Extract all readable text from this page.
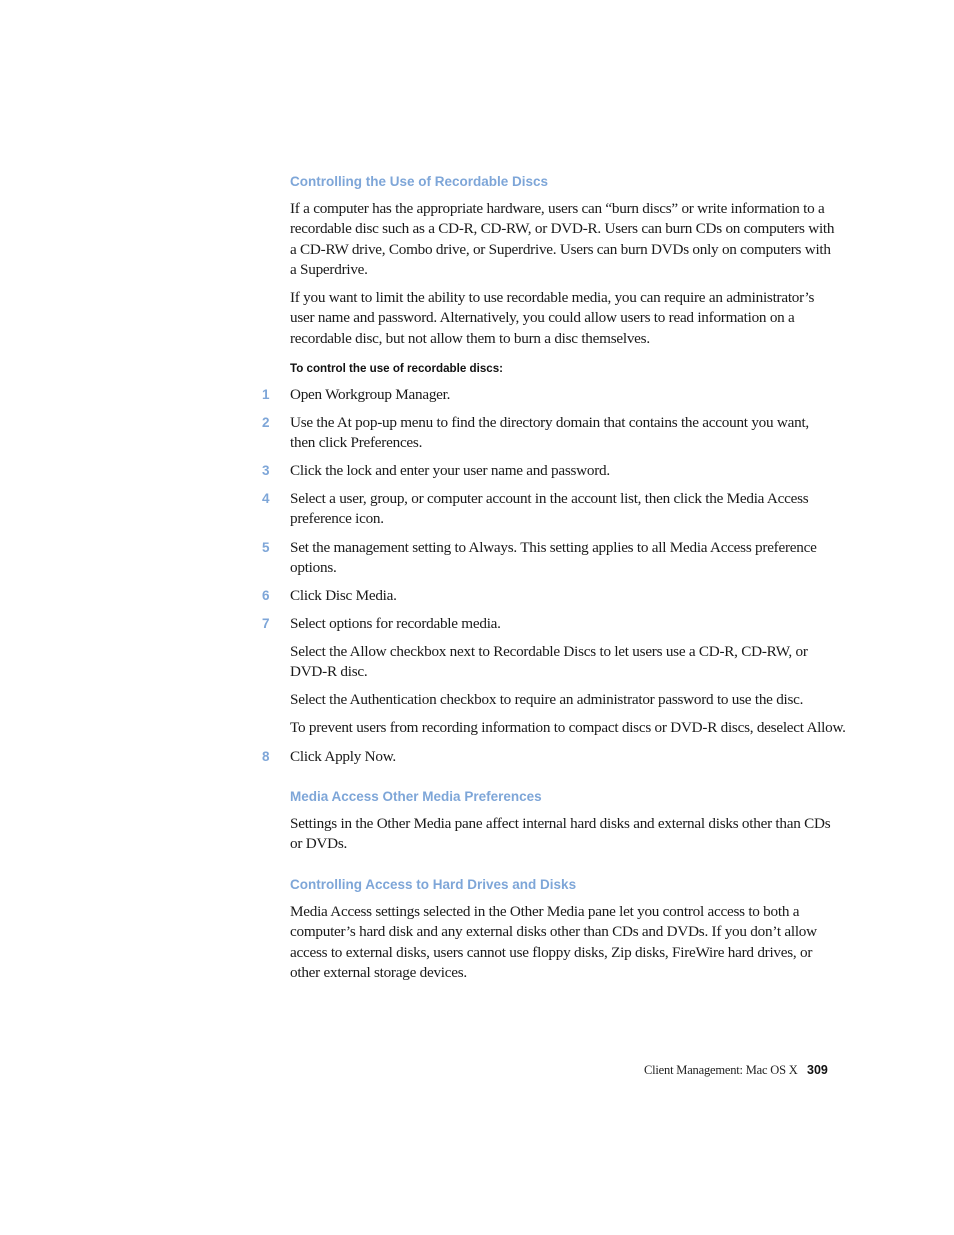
Controlling the Use of Recordable Discs

If a computer has the appropriate hardware, users can “burn discs” or write information to a recordable disc such as a CD-R, CD-RW, or DVD-R. Users can burn CDs on computers with a CD-RW drive, Combo drive, or Superdrive. Users can burn DVDs only on computers with a Superdrive.

If you want to limit the ability to use recordable media, you can require an administrator’s user name and password. Alternatively, you could allow users to read information on a recordable disc, but not allow them to burn a disc themselves.

To control the use of recordable discs:
1 Open Workgroup Manager.
2 Use the At pop-up menu to find the directory domain that contains the account you want, then click Preferences.
3 Click the lock and enter your user name and password.
4 Select a user, group, or computer account in the account list, then click the Media Access preference icon.
5 Set the management setting to Always. This setting applies to all Media Access preference options.
6 Click Disc Media.
7 Select options for recordable media.

Select the Allow checkbox next to Recordable Discs to let users use a CD-R, CD-RW, or DVD-R disc.

Select the Authentication checkbox to require an administrator password to use the disc.

To prevent users from recording information to compact discs or DVD-R discs, deselect Allow.

8 Click Apply Now.
Media Access Other Media Preferences

Settings in the Other Media pane affect internal hard disks and external disks other than CDs or DVDs.

Controlling Access to Hard Drives and Disks

Media Access settings selected in the Other Media pane let you control access to both a computer’s hard disk and any external disks other than CDs and DVDs. If you don’t allow access to external disks, users cannot use floppy disks, Zip disks, FireWire hard drives, or other external storage devices.

Client Management: Mac OS X 309
